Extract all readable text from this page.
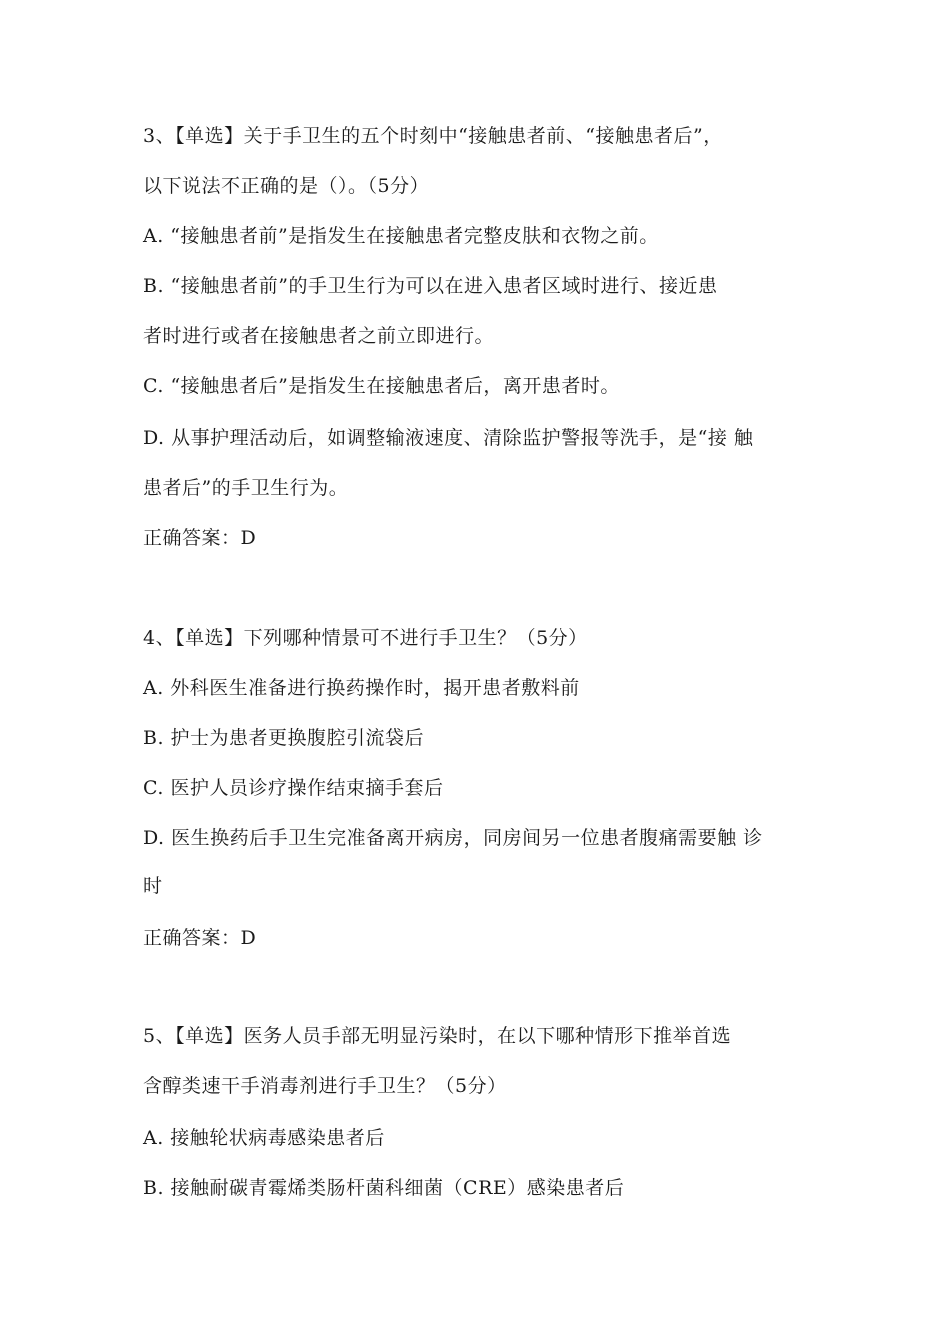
3、【单选】关于手卫生的五个时刻中“接触患者前、“接触患者后”，
以下说法不正确的是（）。（5分）
A. “接触患者前”是指发生在接触患者完整皮肤和衣物之前。
B. “接触患者前”的手卫生行为可以在进入患者区域时进行、接近患
者时进行或者在接触患者之前立即进行。
C. “接触患者后”是指发生在接触患者后，离开患者时。
D. 从事护理活动后，如调整输液速度、清除监护警报等洗手，是“接 触
患者后”的手卫生行为。
正确答案：D
4、【单选】下列哪种情景可不进行手卫生？（5分）
A. 外科医生准备进行换药操作时，揭开患者敷料前
B. 护士为患者更换腹腔引流袋后
C. 医护人员诊疗操作结束摘手套后
D. 医生换药后手卫生完准备离开病房，同房间另一位患者腹痛需要触 诊
时
正确答案：D
5、【单选】医务人员手部无明显污染时，在以下哪种情形下推举首选
含醇类速干手消毒剂进行手卫生？（5分）
A. 接触轮状病毒感染患者后
B. 接触耐碳青霉烯类肠杆菌科细菌（CRE）感染患者后
